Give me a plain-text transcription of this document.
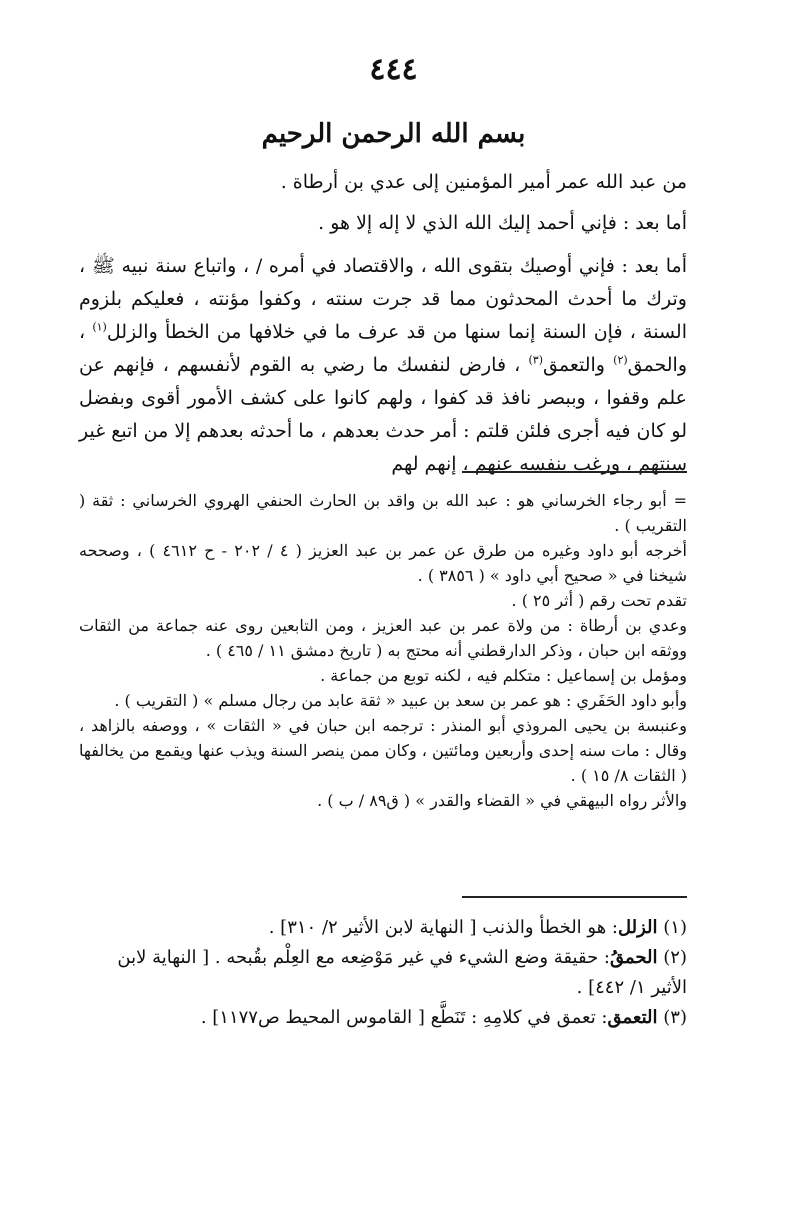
٤٤٤
بسم الله الرحمن الرحيم

من عبد الله عمر أمير المؤمنين إلى عدي بن أرطاة .

أما بعد : فإني أحمد إليك الله الذي لا إله إلا هو .

أما بعد : فإني أوصيك بتقوى الله ، والاقتصاد في أمره / ، واتباع سنة نبيه ﷺ ، وترك ما أحدث المحدثون مما قد جرت سنته ، وكفوا مؤنته ، فعليكم بلزوم السنة ، فإن السنة إنما سنها من قد عرف ما في خلافها من الخطأ والزلل$^{(١)}$ ، والحمق$^{(٢)}$ والتعمق$^{(٣)}$ ، فارض لنفسك ما رضي به القوم لأنفسهم ، فإنهم عن علم وقفوا ، وببصر نافذ قد كفوا ، ولهم كانوا على كشف الأمور أقوى وبفضل لو كان فيه أجرى فلئن قلتم : أمر حدث بعدهم ، ما أحدثه بعدهم إلا من اتبع غير سنتهم ، ورغب بنفسه عنهم ، إنهم لهم

= أبو رجاء الخرساني هو : عبد الله بن واقد بن الحارث الحنفي الهروي الخرساني : ثقة ( التقريب ) .

أخرجه أبو داود وغيره من طرق عن عمر بن عبد العزيز ( ٤ / ٢٠٢ - ح ٤٦١٢ ) ، وصححه شيخنا في « صحيح أبي داود » ( ٣٨٥٦ ) .

تقدم تحت رقم ( أثر ٢٥ ) .

وعدي بن أرطاة : من ولاة عمر بن عبد العزيز ، ومن التابعين روى عنه جماعة من الثقات ووثقه ابن حبان ، وذكر الدارقطني أنه محتج به ( تاريخ دمشق ١١ / ٤٦٥ ) .

ومؤمل بن إسماعيل : متكلم فيه ، لكنه توبع من جماعة .

وأبو داود الحَفَري : هو عمر بن سعد بن عبيد « ثقة عابد من رجال مسلم » ( التقريب ) .

وعنبسة بن يحيى المروذي أبو المنذر : ترجمه ابن حبان في « الثقات » ، ووصفه بالزاهد ، وقال : مات سنه إحدى وأربعين ومائتين ، وكان ممن ينصر السنة ويذب عنها ويقمع من يخالفها ( الثقات ٨/ ١٥ ) .

والأثر رواه البيهقي في « القضاء والقدر » ( ق٨٩ / ب ) .

(١) الزلل: هو الخطأ والذنب [ النهاية لابن الأثير ٢/ ٣١٠] .

(٢) الحمقُ: حقيقة وضع الشيء في غير مَوْضِعه مع العِلْم بقُبحه . [ النهاية لابن الأثير ١/ ٤٤٢] .

(٣) التعمق: تعمق في كلامِهِ : تَنَطَّع [ القاموس المحيط ص١١٧٧] .
